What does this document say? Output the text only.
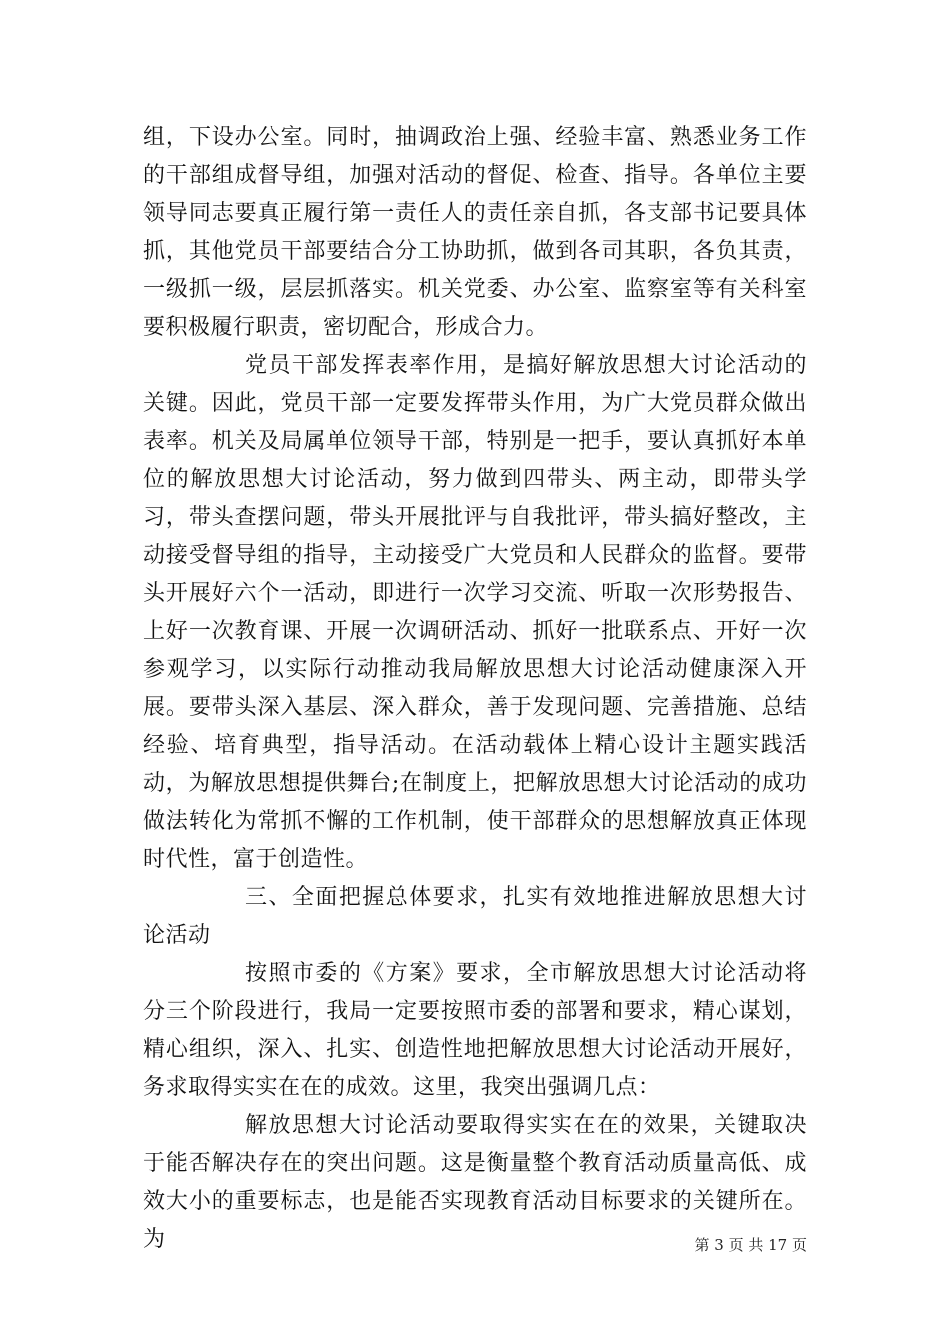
组，下设办公室。同时，抽调政治上强、经验丰富、熟悉业务工作的干部组成督导组，加强对活动的督促、检查、指导。各单位主要领导同志要真正履行第一责任人的责任亲自抓，各支部书记要具体抓，其他党员干部要结合分工协助抓，做到各司其职，各负其责，一级抓一级，层层抓落实。机关党委、办公室、监察室等有关科室要积极履行职责，密切配合，形成合力。

党员干部发挥表率作用，是搞好解放思想大讨论活动的关键。因此，党员干部一定要发挥带头作用，为广大党员群众做出表率。机关及局属单位领导干部，特别是一把手，要认真抓好本单位的解放思想大讨论活动，努力做到四带头、两主动，即带头学习，带头查摆问题，带头开展批评与自我批评，带头搞好整改，主动接受督导组的指导，主动接受广大党员和人民群众的监督。要带头开展好六个一活动，即进行一次学习交流、听取一次形势报告、上好一次教育课、开展一次调研活动、抓好一批联系点、开好一次参观学习，以实际行动推动我局解放思想大讨论活动健康深入开展。要带头深入基层、深入群众，善于发现问题、完善措施、总结经验、培育典型，指导活动。在活动载体上精心设计主题实践活动，为解放思想提供舞台;在制度上，把解放思想大讨论活动的成功做法转化为常抓不懈的工作机制，使干部群众的思想解放真正体现时代性，富于创造性。

三、全面把握总体要求，扎实有效地推进解放思想大讨论活动

按照市委的《方案》要求，全市解放思想大讨论活动将分三个阶段进行，我局一定要按照市委的部署和要求，精心谋划，精心组织，深入、扎实、创造性地把解放思想大讨论活动开展好，务求取得实实在在的成效。这里，我突出强调几点：

解放思想大讨论活动要取得实实在在的效果，关键取决于能否解决存在的突出问题。这是衡量整个教育活动质量高低、成效大小的重要标志，也是能否实现教育活动目标要求的关键所在。为	第 3 页 共 17 页
